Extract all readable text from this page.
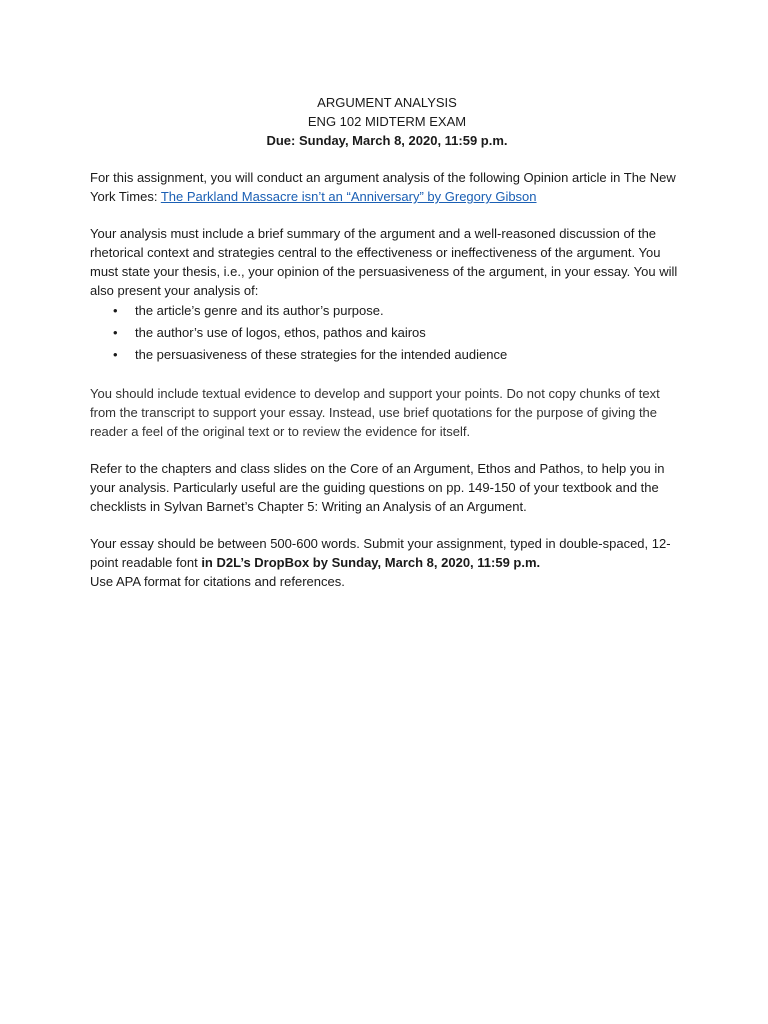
ARGUMENT ANALYSIS
ENG 102 MIDTERM EXAM
Due: Sunday, March 8, 2020, 11:59 p.m.

For this assignment, you will conduct an argument analysis of the following Opinion article in The New York Times: The Parkland Massacre isn’t an “Anniversary” by Gregory Gibson

Your analysis must include a brief summary of the argument and a well-reasoned discussion of the rhetorical context and strategies central to the effectiveness or ineffectiveness of the argument. You must state your thesis, i.e., your opinion of the persuasiveness of the argument, in your essay. You will also present your analysis of:

• the article’s genre and its author’s purpose.
• the author’s use of logos, ethos, pathos and kairos
• the persuasiveness of these strategies for the intended audience

You should include textual evidence to develop and support your points. Do not copy chunks of text from the transcript to support your essay. Instead, use brief quotations for the purpose of giving the reader a feel of the original text or to review the evidence for itself.

Refer to the chapters and class slides on the Core of an Argument, Ethos and Pathos, to help you in your analysis. Particularly useful are the guiding questions on pp. 149-150 of your textbook and the checklists in Sylvan Barnet’s Chapter 5: Writing an Analysis of an Argument.

Your essay should be between 500-600 words. Submit your assignment, typed in double-spaced, 12-point readable font in D2L’s DropBox by Sunday, March 8, 2020, 11:59 p.m.
Use APA format for citations and references.
